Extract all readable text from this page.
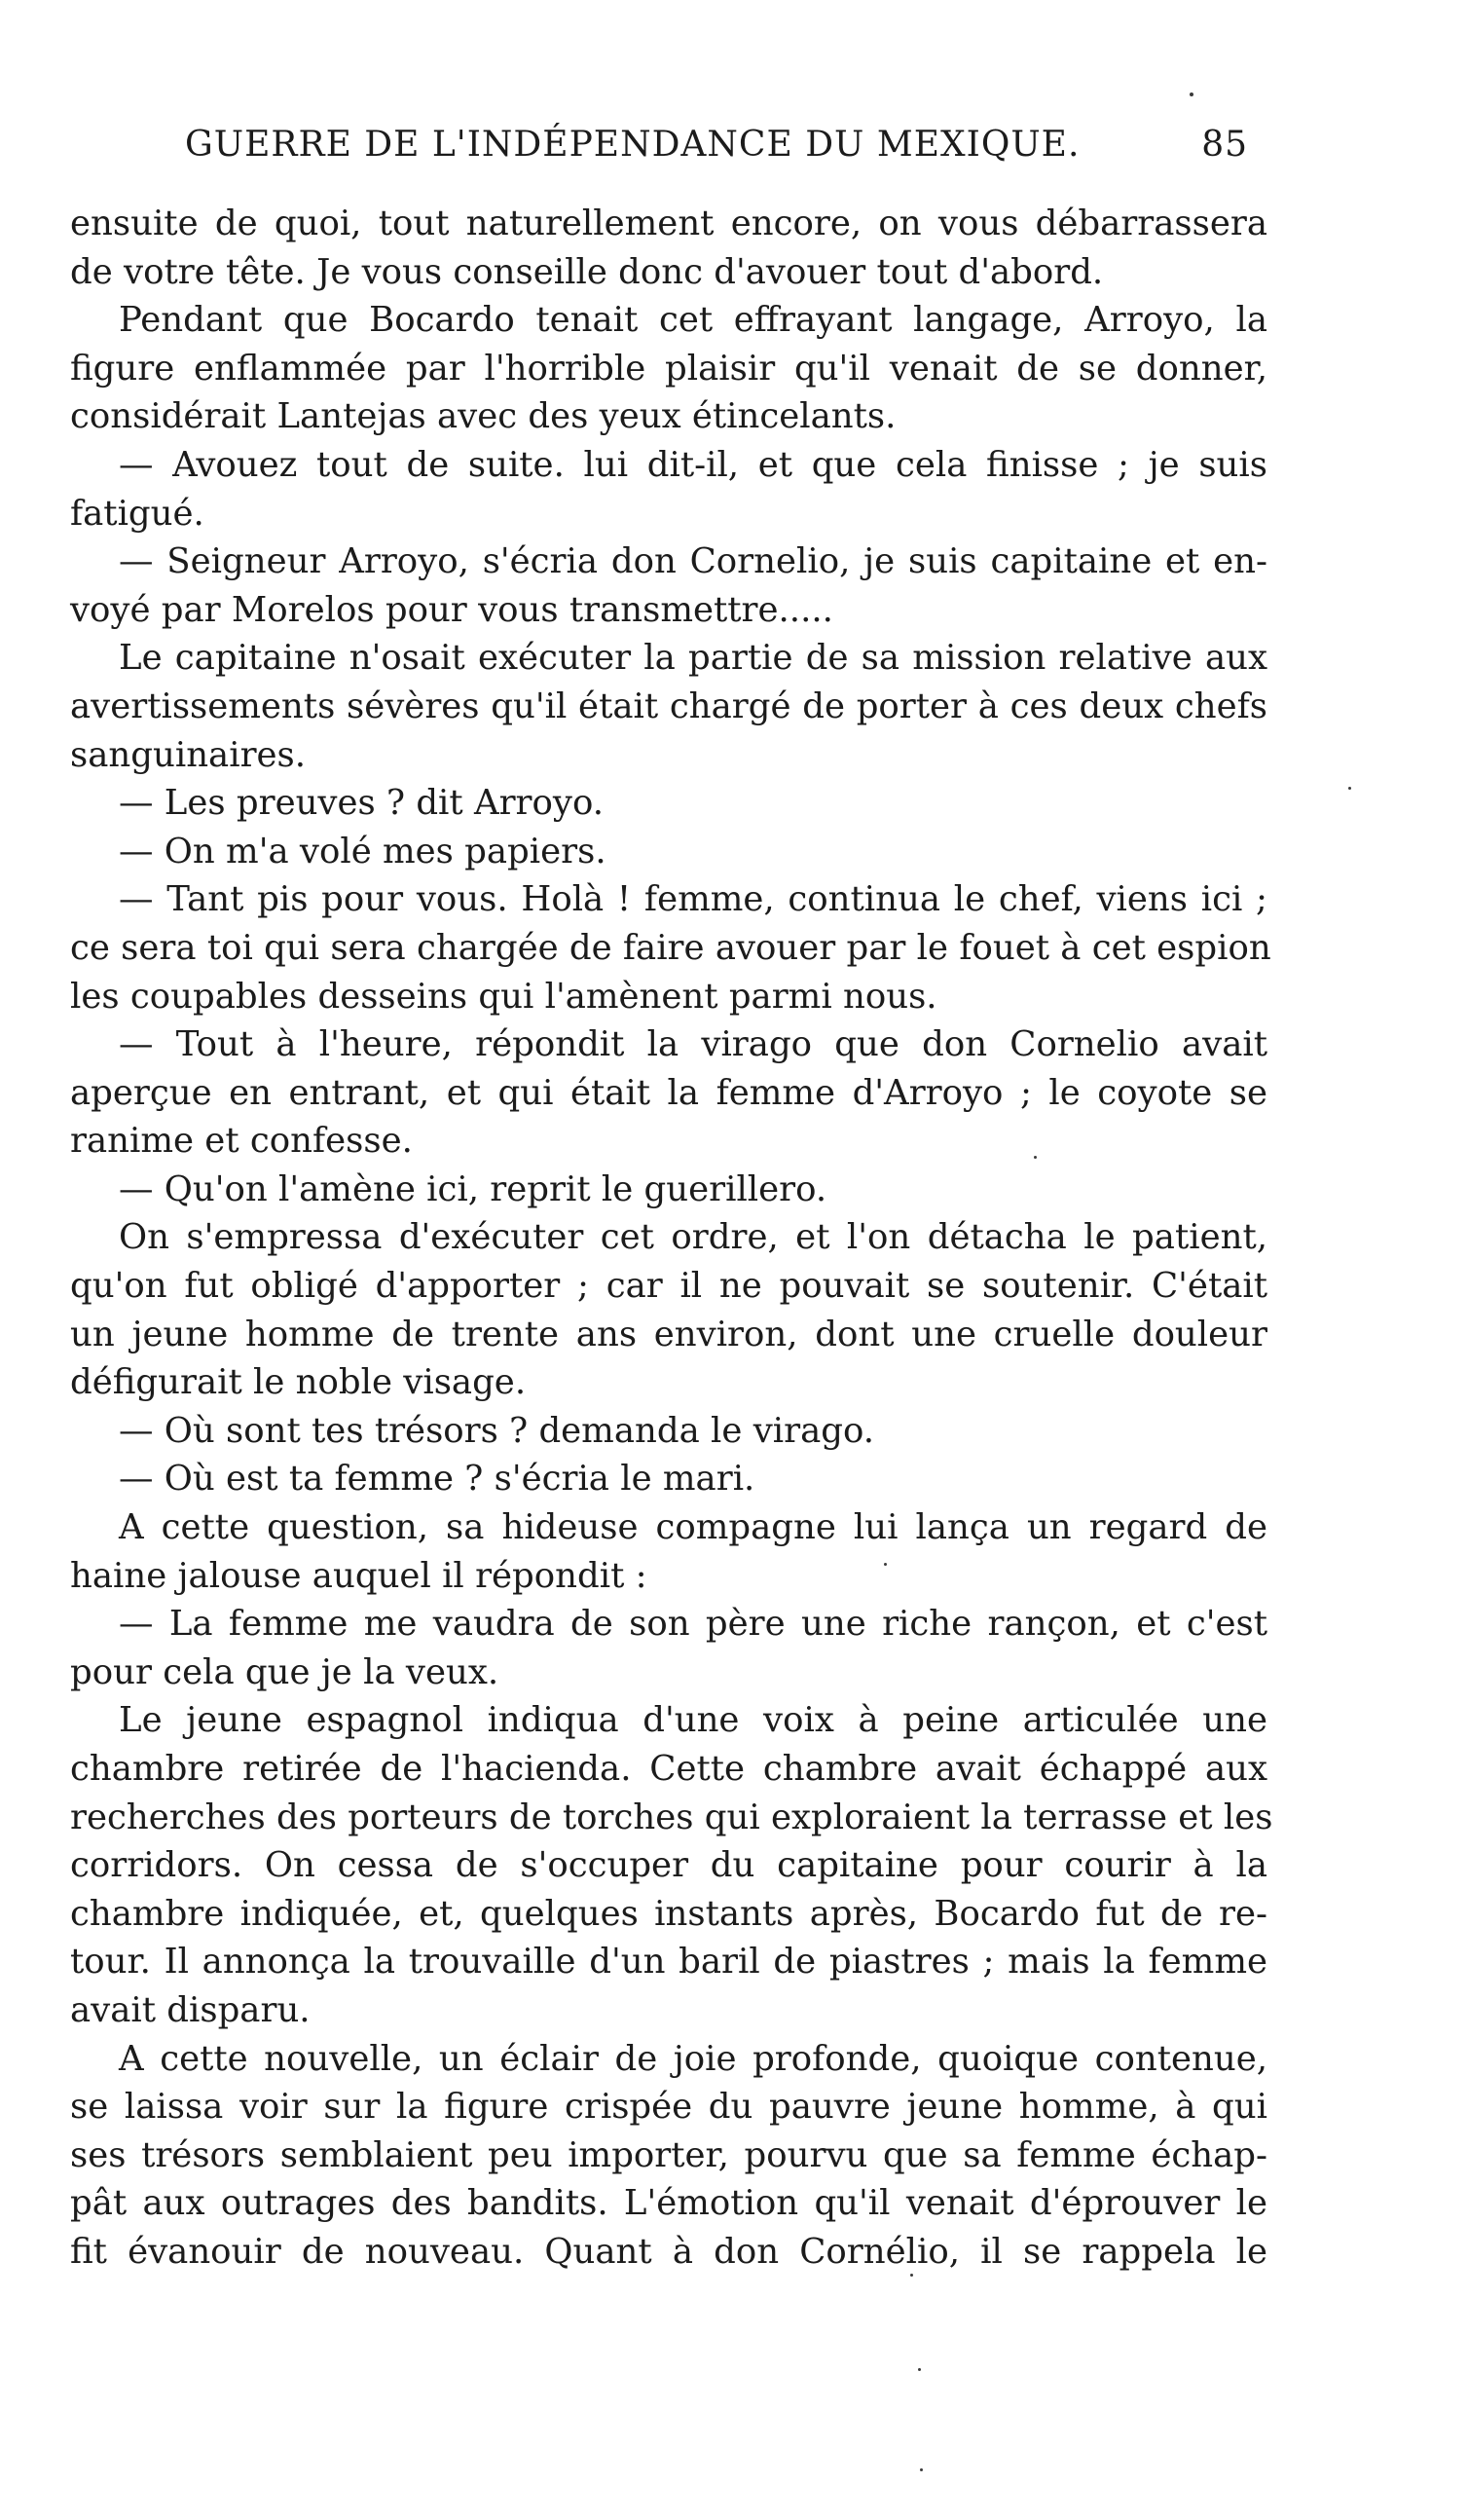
GUERRE DE L'INDÉPENDANCE DU MEXIQUE.	85
ensuite de quoi, tout naturellement encore, on vous débarrassera
de votre tête. Je vous conseille donc d'avouer tout d'abord.
Pendant que Bocardo tenait cet effrayant langage, Arroyo, la
figure enflammée par l'horrible plaisir qu'il venait de se donner,
considérait Lantejas avec des yeux étincelants.
— Avouez tout de suite. lui dit-il, et que cela finisse ; je suis
fatigué.
— Seigneur Arroyo, s'écria don Cornelio, je suis capitaine et en-
voyé par Morelos pour vous transmettre.....
Le capitaine n'osait exécuter la partie de sa mission relative aux
avertissements sévères qu'il était chargé de porter à ces deux chefs
sanguinaires.
— Les preuves ? dit Arroyo.
— On m'a volé mes papiers.
— Tant pis pour vous. Holà ! femme, continua le chef, viens ici ;
ce sera toi qui sera chargée de faire avouer par le fouet à cet espion
les coupables desseins qui l'amènent parmi nous.
— Tout à l'heure, répondit la virago que don Cornelio avait
aperçue en entrant, et qui était la femme d'Arroyo ; le coyote se
ranime et confesse.
— Qu'on l'amène ici, reprit le guerillero.
On s'empressa d'exécuter cet ordre, et l'on détacha le patient,
qu'on fut obligé d'apporter ; car il ne pouvait se soutenir. C'était
un jeune homme de trente ans environ, dont une cruelle douleur
défigurait le noble visage.
— Où sont tes trésors ? demanda le virago.
— Où est ta femme ? s'écria le mari.
A cette question, sa hideuse compagne lui lança un regard de
haine jalouse auquel il répondit :
— La femme me vaudra de son père une riche rançon, et c'est
pour cela que je la veux.
Le jeune espagnol indiqua d'une voix à peine articulée une
chambre retirée de l'hacienda. Cette chambre avait échappé aux
recherches des porteurs de torches qui exploraient la terrasse et les
corridors. On cessa de s'occuper du capitaine pour courir à la
chambre indiquée, et, quelques instants après, Bocardo fut de re-
tour. Il annonça la trouvaille d'un baril de piastres ; mais la femme
avait disparu.
A cette nouvelle, un éclair de joie profonde, quoique contenue,
se laissa voir sur la figure crispée du pauvre jeune homme, à qui
ses trésors semblaient peu importer, pourvu que sa femme échap-
pât aux outrages des bandits. L'émotion qu'il venait d'éprouver le
fit évanouir de nouveau. Quant à don Cornélio, il se rappela le
